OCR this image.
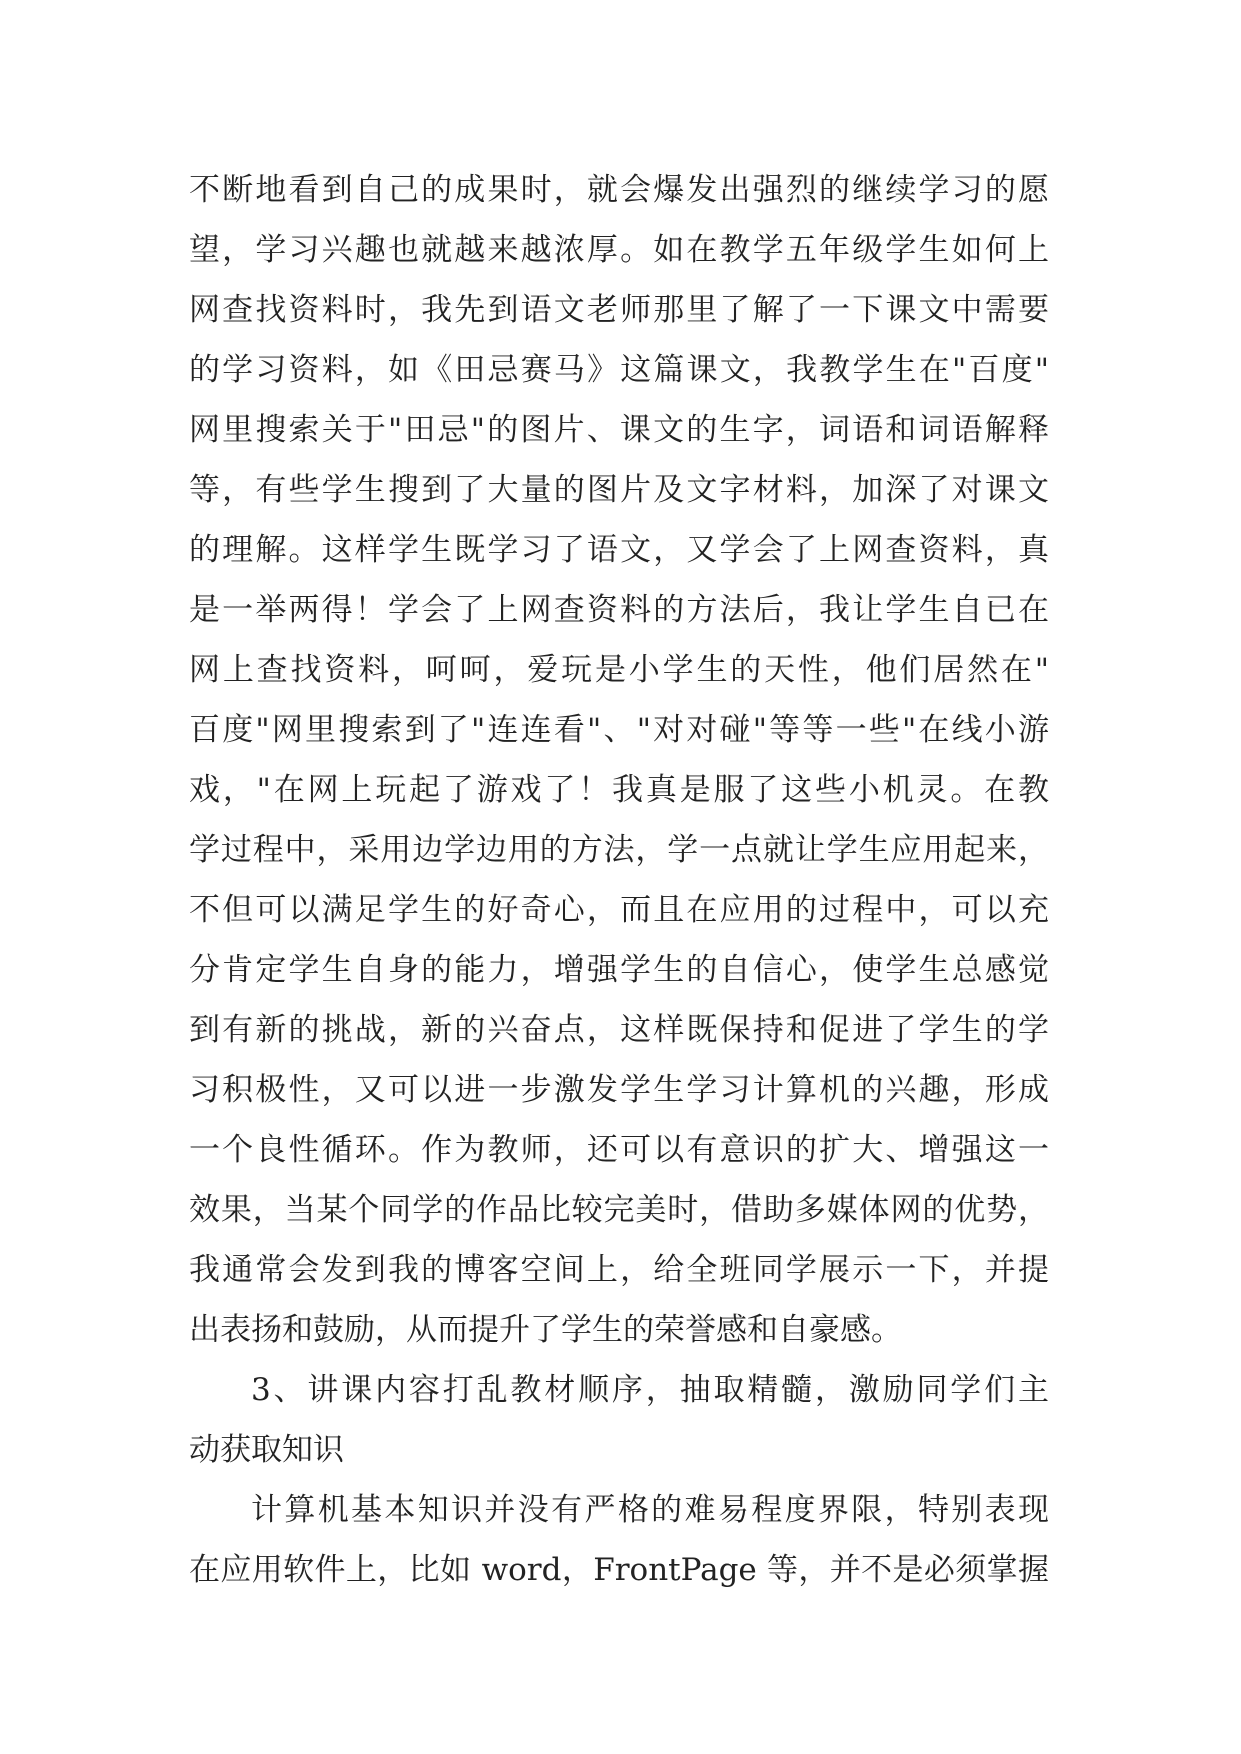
不断地看到自己的成果时，就会爆发出强烈的继续学习的愿
望，学习兴趣也就越来越浓厚。如在教学五年级学生如何上
网查找资料时，我先到语文老师那里了解了一下课文中需要
的学习资料，如《田忌赛马》这篇课文，我教学生在"百度"
网里搜索关于"田忌"的图片、课文的生字，词语和词语解释
等，有些学生搜到了大量的图片及文字材料，加深了对课文
的理解。这样学生既学习了语文，又学会了上网查资料，真
是一举两得！学会了上网查资料的方法后，我让学生自已在
网上查找资料，呵呵，爱玩是小学生的天性，他们居然在"
百度"网里搜索到了"连连看"、"对对碰"等等一些"在线小游
戏，"在网上玩起了游戏了！我真是服了这些小机灵。在教
学过程中，采用边学边用的方法，学一点就让学生应用起来，
不但可以满足学生的好奇心，而且在应用的过程中，可以充
分肯定学生自身的能力，增强学生的自信心，使学生总感觉
到有新的挑战，新的兴奋点，这样既保持和促进了学生的学
习积极性，又可以进一步激发学生学习计算机的兴趣，形成
一个良性循环。作为教师，还可以有意识的扩大、增强这一
效果，当某个同学的作品比较完美时，借助多媒体网的优势，
我通常会发到我的博客空间上，给全班同学展示一下，并提
出表扬和鼓励，从而提升了学生的荣誉感和自豪感。
3、讲课内容打乱教材顺序，抽取精髓，激励同学们主
动获取知识
计算机基本知识并没有严格的难易程度界限，特别表现
在应用软件上，比如 word，FrontPage 等，并不是必须掌握
